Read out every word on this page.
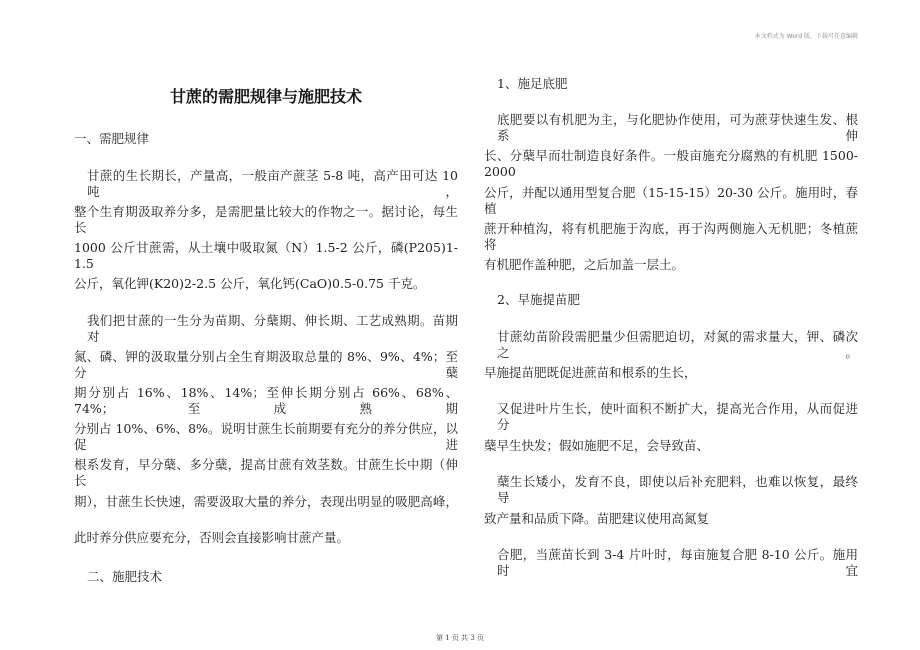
本文档式为 Word 版，下载可任意编辑
甘蔗的需肥规律与施肥技术
一、需肥规律
甘蔗的生长期长，产量高，一般亩产蔗茎 5-8 吨，高产田可达 10 吨，
整个生育期汲取养分多，是需肥量比较大的作物之一。据讨论，每生长
1000 公斤甘蔗需，从土壤中吸取氮（N）1.5-2 公斤，磷(P205)1-1.5
公斤，氧化钾(K20)2-2.5 公斤，氧化钙(CaO)0.5-0.75 千克。
我们把甘蔗的一生分为苗期、分蘖期、伸长期、工艺成熟期。苗期对
氮、磷、钾的汲取量分别占全生育期汲取总量的 8%、9%、4%；至分蘖
期分别占 16%、18%、14%；至伸长期分别占 66%、68%、74%；至成熟期
分别占 10%、6%、8%。说明甘蔗生长前期要有充分的养分供应，以促进
根系发育，早分蘖、多分蘖，提高甘蔗有效茎数。甘蔗生长中期（伸长
期），甘蔗生长快速，需要汲取大量的养分，表现出明显的吸肥高峰，
此时养分供应要充分，否则会直接影响甘蔗产量。
二、施肥技术
1、施足底肥
底肥要以有机肥为主，与化肥协作使用，可为蔗芽快速生发、根系伸
长、分蘖早而壮制造良好条件。一般亩施充分腐熟的有机肥 1500-2000
公斤，并配以通用型复合肥（15-15-15）20-30 公斤。施用时，春植
蔗开种植沟，将有机肥施于沟底，再于沟两侧施入无机肥；冬植蔗将
有机肥作盖种肥，之后加盖一层土。
2、早施提苗肥
甘蔗幼苗阶段需肥量少但需肥迫切，对氮的需求量大，钾、磷次之。
早施提苗肥既促进蔗苗和根系的生长，
又促进叶片生长，使叶面积不断扩大，提高光合作用，从而促进分
蘖早生快发；假如施肥不足，会导致苗、
蘖生长矮小，发育不良，即使以后补充肥料，也难以恢复，最终导
致产量和品质下降。苗肥建议使用高氮复
合肥，当蔗苗长到 3-4 片叶时，每亩施复合肥 8-10 公斤。施用时宜
第 1 页 共 3 页
